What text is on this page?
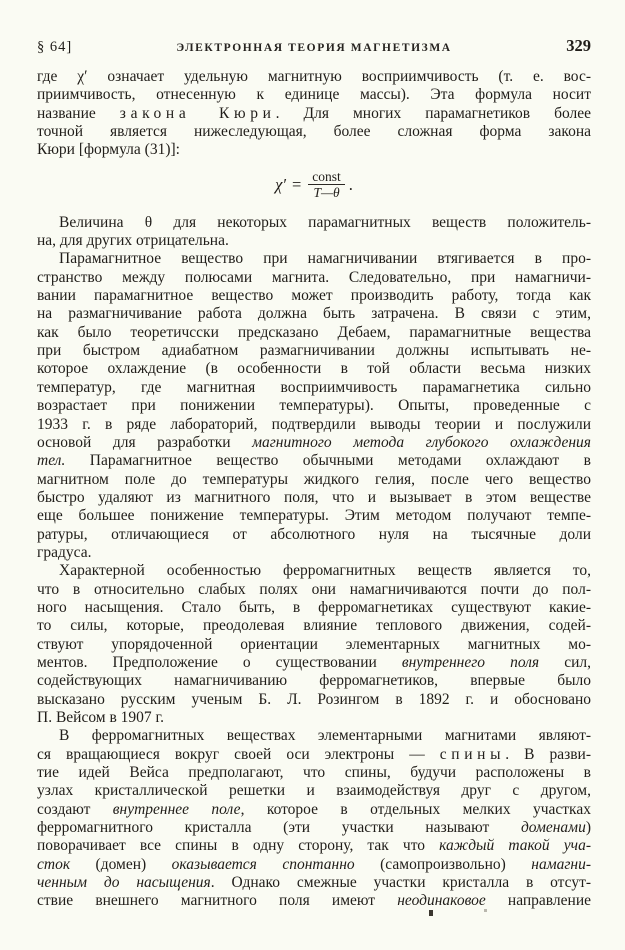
§ 64]	ЭЛЕКТРОННАЯ ТЕОРИЯ МАГНЕТИЗМА	329
где χ′ означает удельную магнитную восприимчивость (т. е. вос-
приимчивость, отнесенную к единице массы). Эта формула носит
название закона Кюри. Для многих парамагнетиков более
точной является нижеследующая, более сложная форма закона
Кюри [формула (31)]:
$\chi' = \frac{\text{const}}{T—\theta}$ .
Величина θ для некоторых парамагнитных веществ положитель-
на, для других отрицательна.
Парамагнитное вещество при намагничивании втягивается в про-
странство между полюсами магнита. Следовательно, при намагничи-
вании парамагнитное вещество может производить работу, тогда как
на размагничивание работа должна быть затрачена. В связи с этим,
как было теоретичсски предсказано Дебаем, парамагнитные вещества
при быстром адиабатном размагничивании должны испытывать не-
которое охлаждение (в особенности в той области весьма низких
температур, где магнитная восприимчивость парамагнетика сильно
возрастает при понижении температуры). Опыты, проведенные с
1933 г. в ряде лабораторий, подтвердили выводы теории и послужили
основой для разработки магнитного метода глубокого охлаждения
тел. Парамагнитное вещество обычными методами охлаждают в
магнитном поле до температуры жидкого гелия, после чего вещество
быстро удаляют из магнитного поля, что и вызывает в этом веществе
еще большее понижение температуры. Этим методом получают темпе-
ратуры, отличающиеся от абсолютного нуля на тысячные доли
градуса.
Характерной особенностью ферромагнитных веществ является то,
что в относительно слабых полях они намагничиваются почти до пол-
ного насыщения. Стало быть, в ферромагнетиках существуют какие-
то силы, которые, преодолевая влияние теплового движения, содей-
ствуют упорядоченной ориентации элементарных магнитных мо-
ментов. Предположение о существовании внутреннего поля сил,
содействующих намагничиванию ферромагнетиков, впервые было
высказано русским ученым Б. Л. Розингом в 1892 г. и обосновано
П. Вейсом в 1907 г.
В ферромагнитных веществах элементарными магнитами являют-
ся вращающиеся вокруг своей оси электроны — спины. В разви-
тие идей Вейса предполагают, что спины, будучи расположены в
узлах кристаллической решетки и взаимодействуя друг с другом,
создают внутреннее поле, которое в отдельных мелких участках
ферромагнитного кристалла (эти участки называют доменами)
поворачивает все спины в одну сторону, так что каждый такой уча-
сток (домен) оказывается спонтанно (самопроизвольно) намагни-
ченным до насыщения. Однако смежные участки кристалла в отсут-
ствие внешнего магнитного поля имеют неодинаковое направление
